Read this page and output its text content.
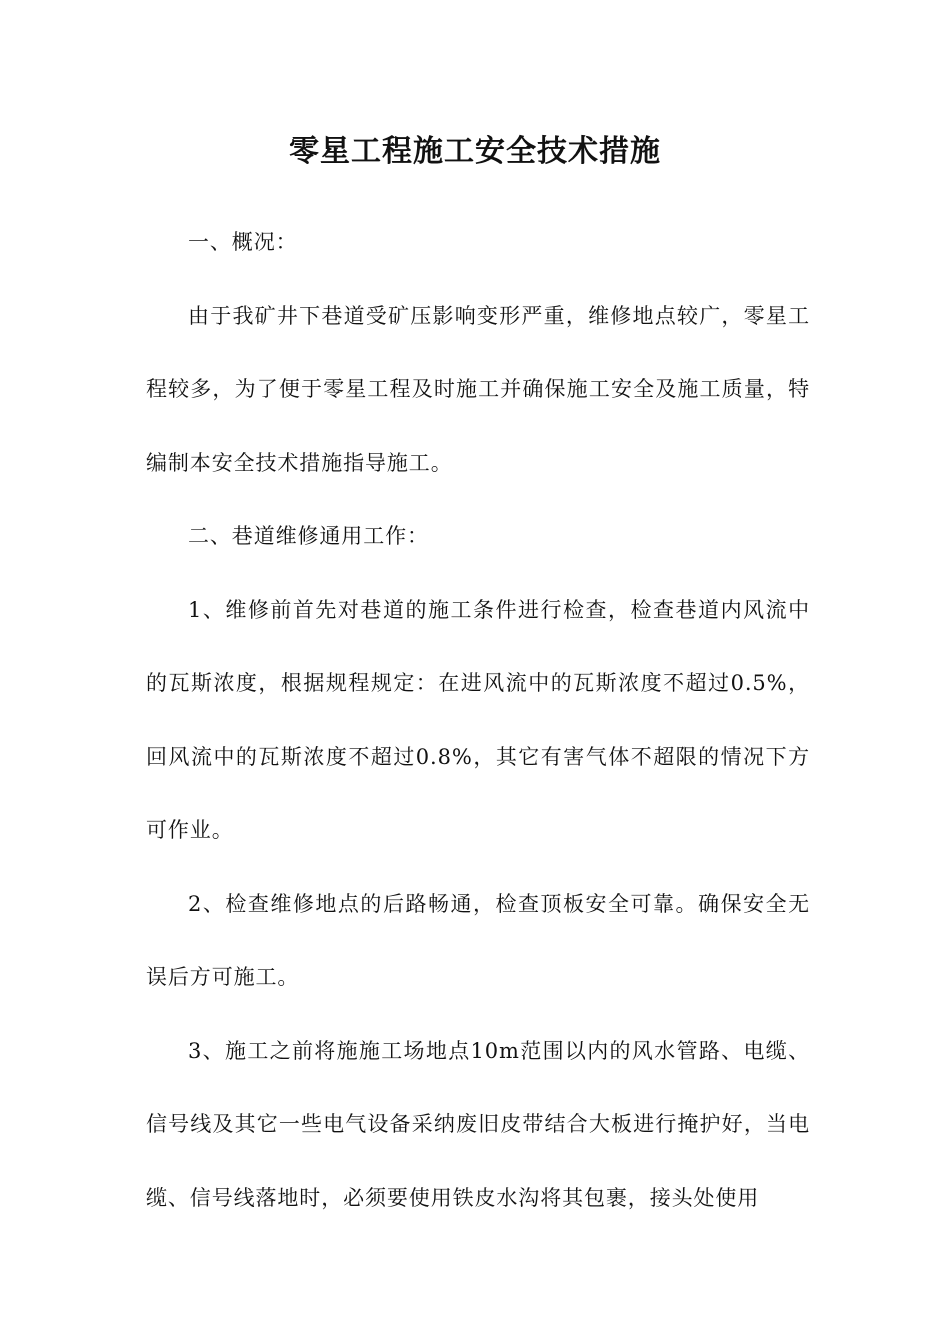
零星工程施工安全技术措施

一、概况：

由于我矿井下巷道受矿压影响变形严重，维修地点较广，零星工程较多，为了便于零星工程及时施工并确保施工安全及施工质量，特编制本安全技术措施指导施工。

二、巷道维修通用工作：

1、维修前首先对巷道的施工条件进行检查，检查巷道内风流中的瓦斯浓度，根据规程规定：在进风流中的瓦斯浓度不超过0.5%，回风流中的瓦斯浓度不超过0.8%，其它有害气体不超限的情况下方可作业。

2、检查维修地点的后路畅通，检查顶板安全可靠。确保安全无误后方可施工。

3、施工之前将施施工场地点10m范围以内的风水管路、电缆、信号线及其它一些电气设备采纳废旧皮带结合大板进行掩护好，当电缆、信号线落地时，必须要使用铁皮水沟将其包裹，接头处使用
